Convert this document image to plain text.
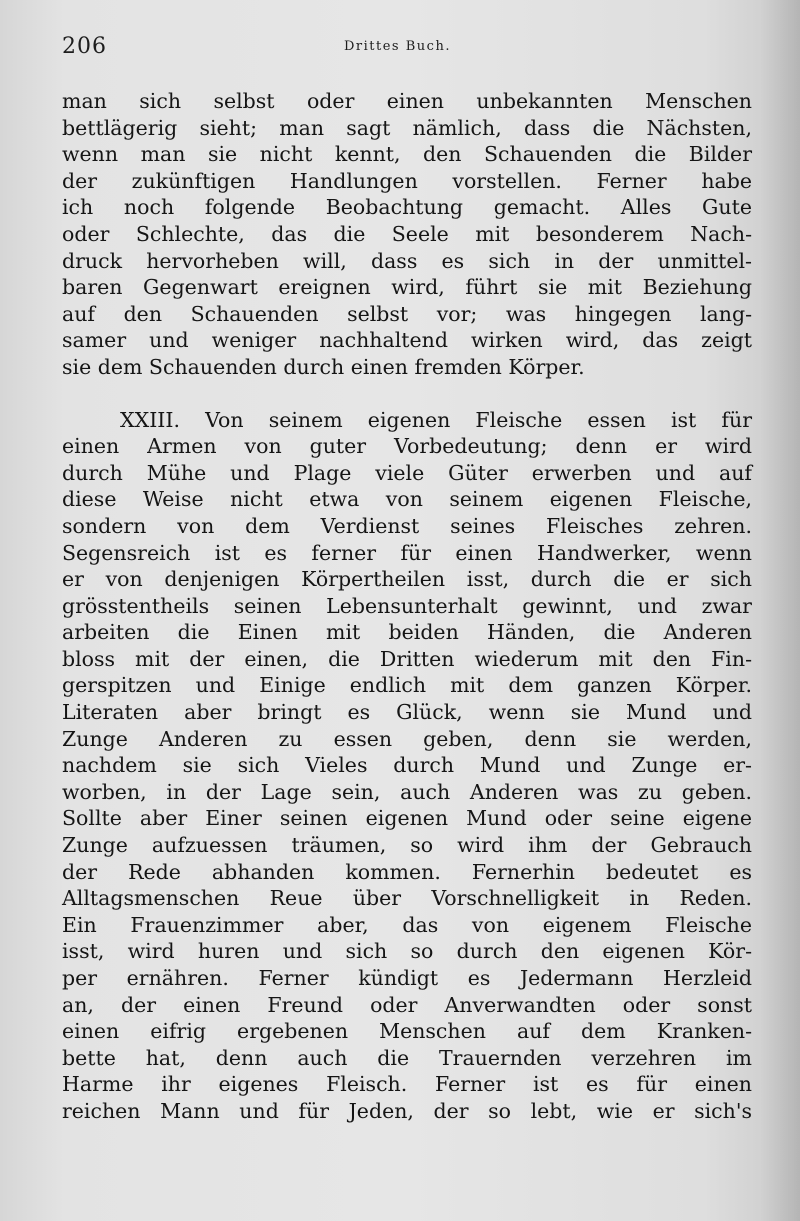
206	Drittes Buch.

man sich selbst oder einen unbekannten Menschen
bettlägerig sieht; man sagt nämlich, dass die Nächsten,
wenn man sie nicht kennt, den Schauenden die Bilder
der zukünftigen Handlungen vorstellen. Ferner habe
ich noch folgende Beobachtung gemacht. Alles Gute
oder Schlechte, das die Seele mit besonderem Nach-
druck hervorheben will, dass es sich in der unmittel-
baren Gegenwart ereignen wird, führt sie mit Beziehung
auf den Schauenden selbst vor; was hingegen lang-
samer und weniger nachhaltend wirken wird, das zeigt
sie dem Schauenden durch einen fremden Körper.

XXIII. Von seinem eigenen Fleische essen ist für
einen Armen von guter Vorbedeutung; denn er wird
durch Mühe und Plage viele Güter erwerben und auf
diese Weise nicht etwa von seinem eigenen Fleische,
sondern von dem Verdienst seines Fleisches zehren.
Segensreich ist es ferner für einen Handwerker, wenn
er von denjenigen Körpertheilen isst, durch die er sich
grösstentheils seinen Lebensunterhalt gewinnt, und zwar
arbeiten die Einen mit beiden Händen, die Anderen
bloss mit der einen, die Dritten wiederum mit den Fin-
gerspitzen und Einige endlich mit dem ganzen Körper.
Literaten aber bringt es Glück, wenn sie Mund und
Zunge Anderen zu essen geben, denn sie werden,
nachdem sie sich Vieles durch Mund und Zunge er-
worben, in der Lage sein, auch Anderen was zu geben.
Sollte aber Einer seinen eigenen Mund oder seine eigene
Zunge aufzuessen träumen, so wird ihm der Gebrauch
der Rede abhanden kommen. Fernerhin bedeutet es
Alltagsmenschen Reue über Vorschnelligkeit in Reden.
Ein Frauenzimmer aber, das von eigenem Fleische
isst, wird huren und sich so durch den eigenen Kör-
per ernähren. Ferner kündigt es Jedermann Herzleid
an, der einen Freund oder Anverwandten oder sonst
einen eifrig ergebenen Menschen auf dem Kranken-
bette hat, denn auch die Trauernden verzehren im
Harme ihr eigenes Fleisch. Ferner ist es für einen
reichen Mann und für Jeden, der so lebt, wie er sich's
